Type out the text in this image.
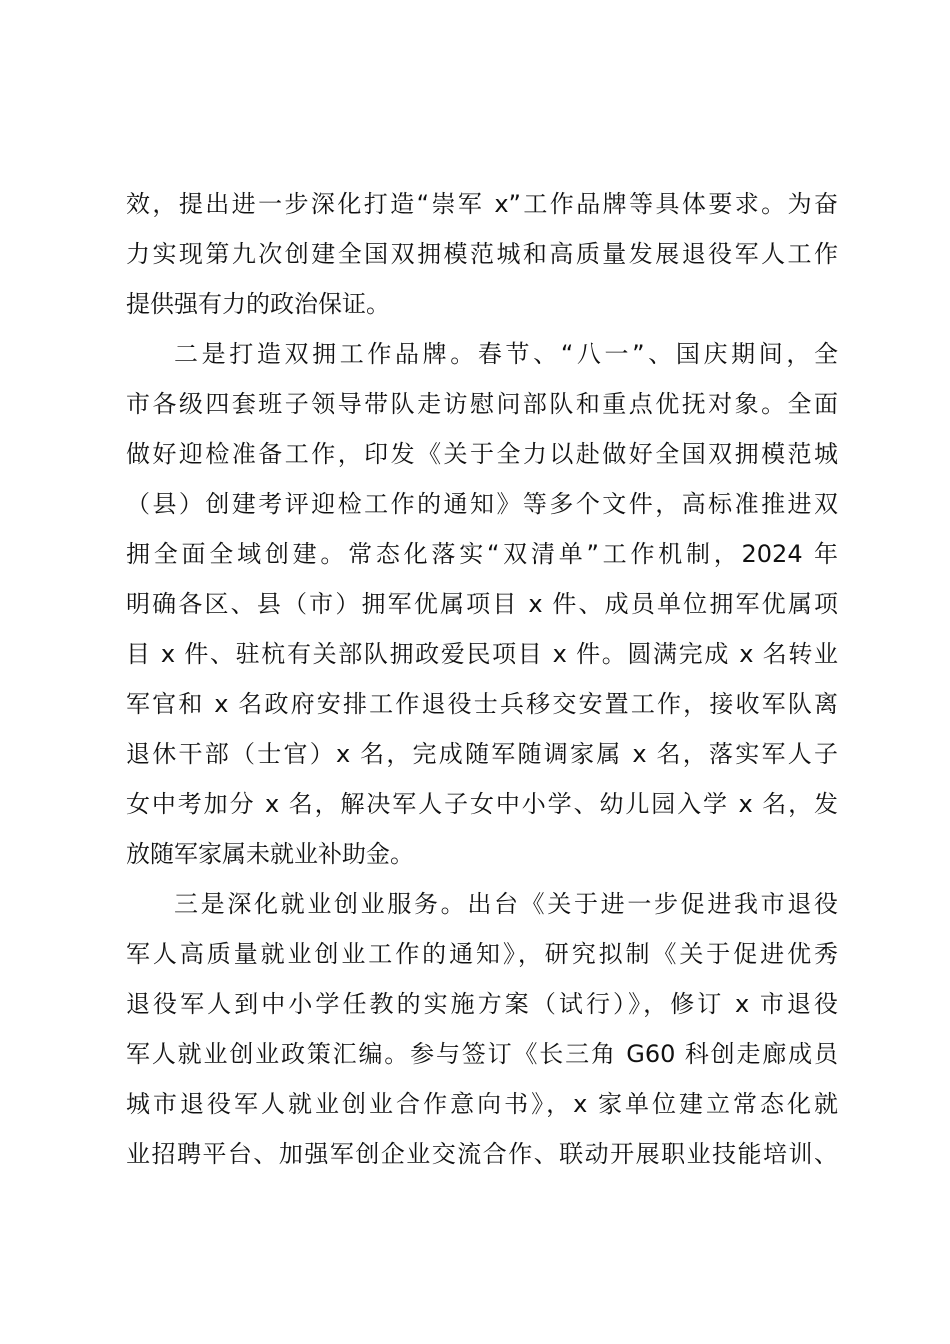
效，提出进一步深化打造“崇军 x”工作品牌等具体要求。为奋
力实现第九次创建全国双拥模范城和高质量发展退役军人工作
提供强有力的政治保证。
二是打造双拥工作品牌。春节、“八一”、国庆期间，全
市各级四套班子领导带队走访慰问部队和重点优抚对象。全面
做好迎检准备工作，印发《关于全力以赴做好全国双拥模范城
（县）创建考评迎检工作的通知》等多个文件，高标准推进双
拥全面全域创建。常态化落实“双清单”工作机制，2024 年
明确各区、县（市）拥军优属项目 x 件、成员单位拥军优属项
目 x 件、驻杭有关部队拥政爱民项目 x 件。圆满完成 x 名转业
军官和 x 名政府安排工作退役士兵移交安置工作，接收军队离
退休干部（士官）x 名，完成随军随调家属 x 名，落实军人子
女中考加分 x 名，解决军人子女中小学、幼儿园入学 x 名，发
放随军家属未就业补助金。
三是深化就业创业服务。出台《关于进一步促进我市退役
军人高质量就业创业工作的通知》，研究拟制《关于促进优秀
退役军人到中小学任教的实施方案（试行）》，修订 x 市退役
军人就业创业政策汇编。参与签订《长三角 G60 科创走廊成员
城市退役军人就业创业合作意向书》，x 家单位建立常态化就
业招聘平台、加强军创企业交流合作、联动开展职业技能培训、
